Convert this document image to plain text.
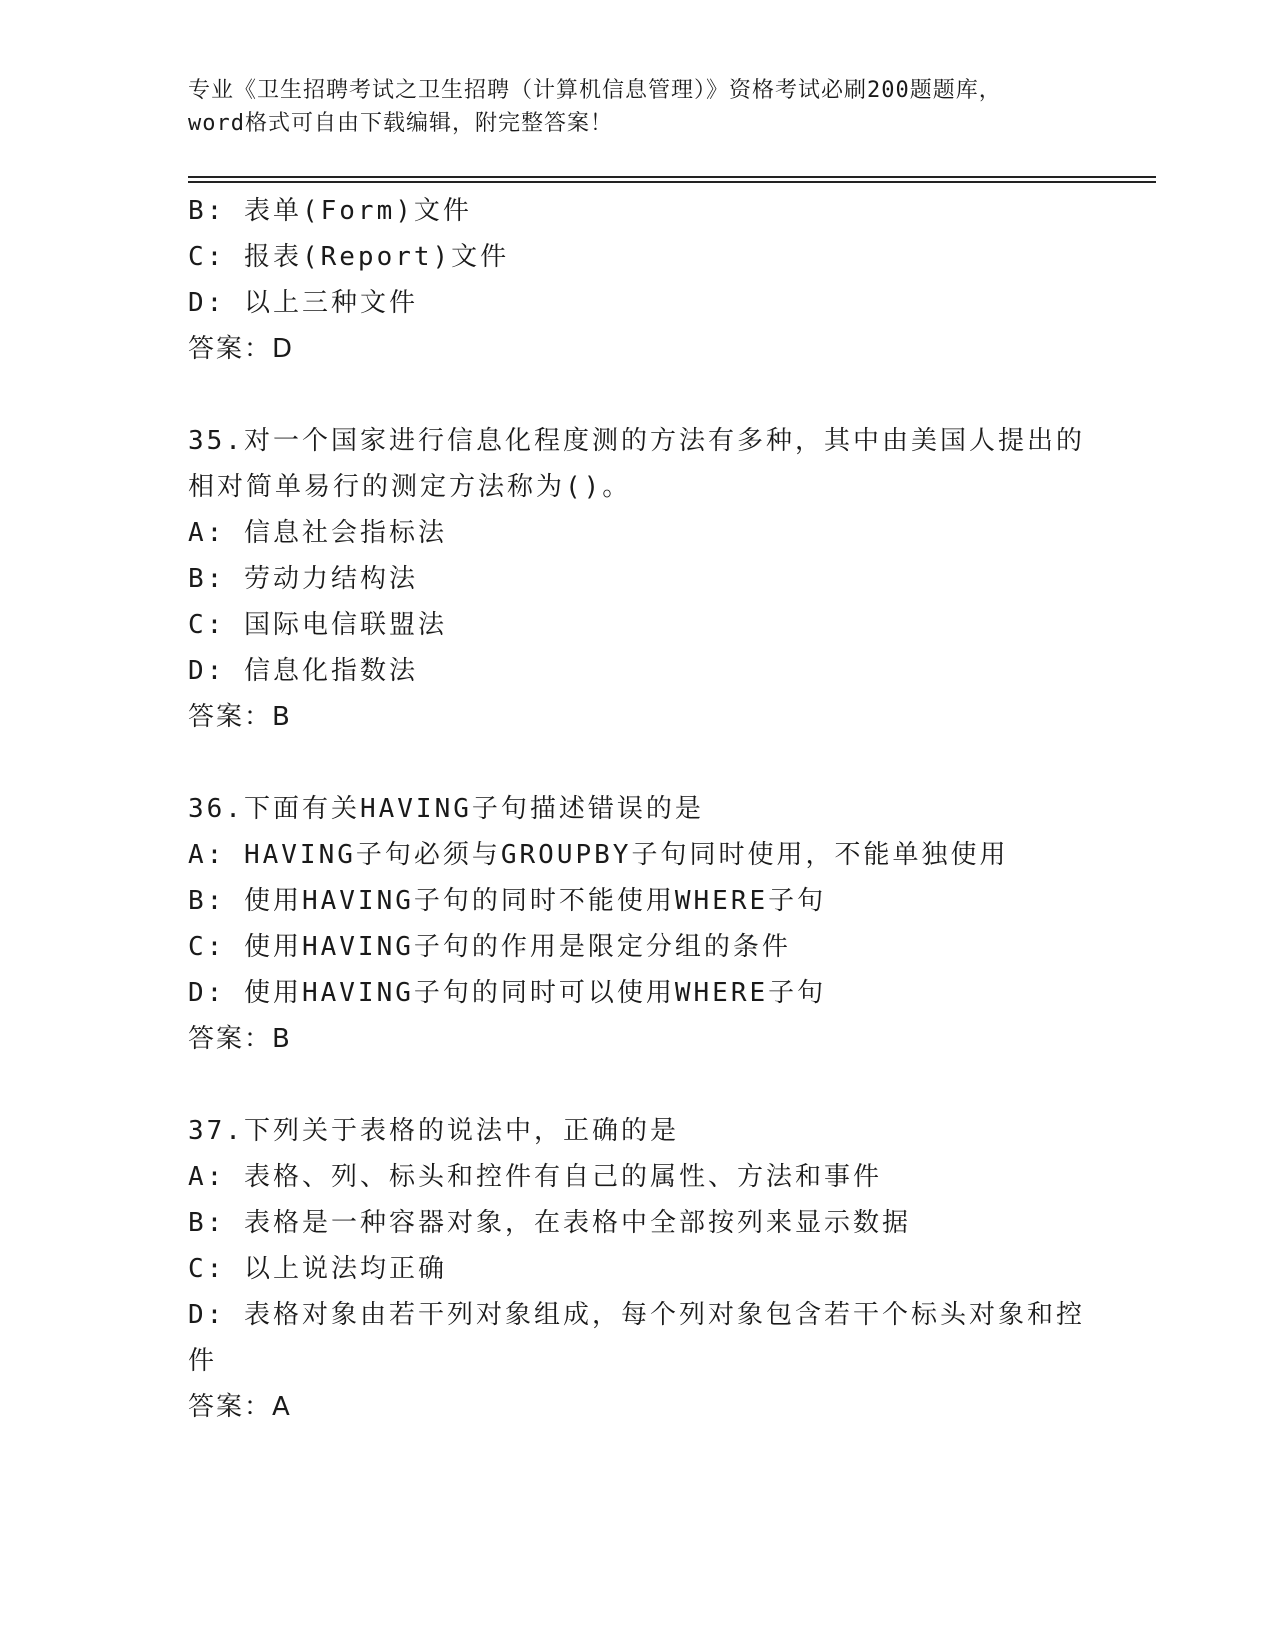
专业《卫生招聘考试之卫生招聘（计算机信息管理）》资格考试必刷200题题库，
word格式可自由下载编辑，附完整答案！
B: 表单(Form)文件
C: 报表(Report)文件
D: 以上三种文件
答案：D
35.对一个国家进行信息化程度测的方法有多种，其中由美国人提出的
相对简单易行的测定方法称为()。
A: 信息社会指标法
B: 劳动力结构法
C: 国际电信联盟法
D: 信息化指数法
答案：B
36.下面有关HAVING子句描述错误的是
A: HAVING子句必须与GROUPBY子句同时使用，不能单独使用
B: 使用HAVING子句的同时不能使用WHERE子句
C: 使用HAVING子句的作用是限定分组的条件
D: 使用HAVING子句的同时可以使用WHERE子句
答案：B
37.下列关于表格的说法中，正确的是
A: 表格、列、标头和控件有自己的属性、方法和事件
B: 表格是一种容器对象，在表格中全部按列来显示数据
C: 以上说法均正确
D: 表格对象由若干列对象组成，每个列对象包含若干个标头对象和控
件
答案：A
